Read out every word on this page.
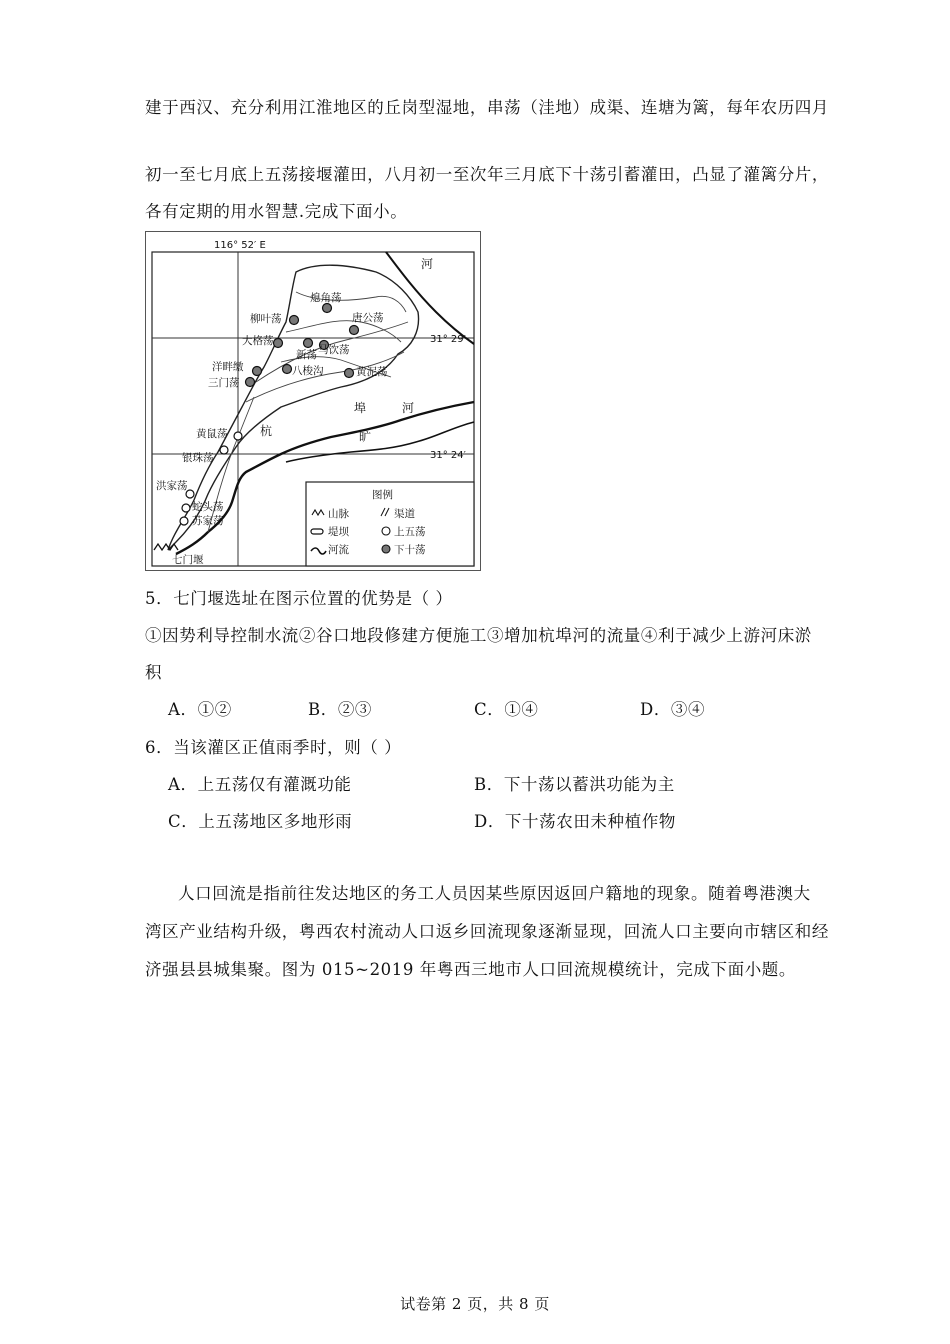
建于西汉、充分利用江淮地区的丘岗型湿地，串荡（洼地）成渠、连塘为篱，每年农历四月
初一至七月底上五荡接堰灌田，八月初一至次年三月底下十荡引蓄灌田，凸显了灌篱分片，
各有定期的用水智慧.完成下面小。
116° 52′ E
31° 29′
31° 24′
熄角荡
柳叶荡	唐公荡
大格荡
新荡 马饮荡
洋畔缴
三门荡
八梭沟	黄泥荡
黄鼠荡
银珠荡
洪家荡
蛇头荡
苏家荡
七门堰
河
埠	河
杭	旷
图例
山脉	渠道
堤坝	上五荡
河流	下十荡
5．七门堰选址在图示位置的优势是（ ）
①因势利导控制水流②谷口地段修建方便施工③增加杭埠河的流量④利于减少上游河床淤
积
A．①②	B．②③	C．①④	D．③④
6．当该灌区正值雨季时，则（ ）
A．上五荡仅有灌溉功能	B．下十荡以蓄洪功能为主
C．上五荡地区多地形雨	D．下十荡农田未种植作物
人口回流是指前往发达地区的务工人员因某些原因返回户籍地的现象。随着粤港澳大
湾区产业结构升级，粤西农村流动人口返乡回流现象逐渐显现，回流人口主要向市辖区和经
济强县县城集聚。图为 015~2019 年粤西三地市人口回流规模统计，完成下面小题。
试卷第 2 页，共 8 页
